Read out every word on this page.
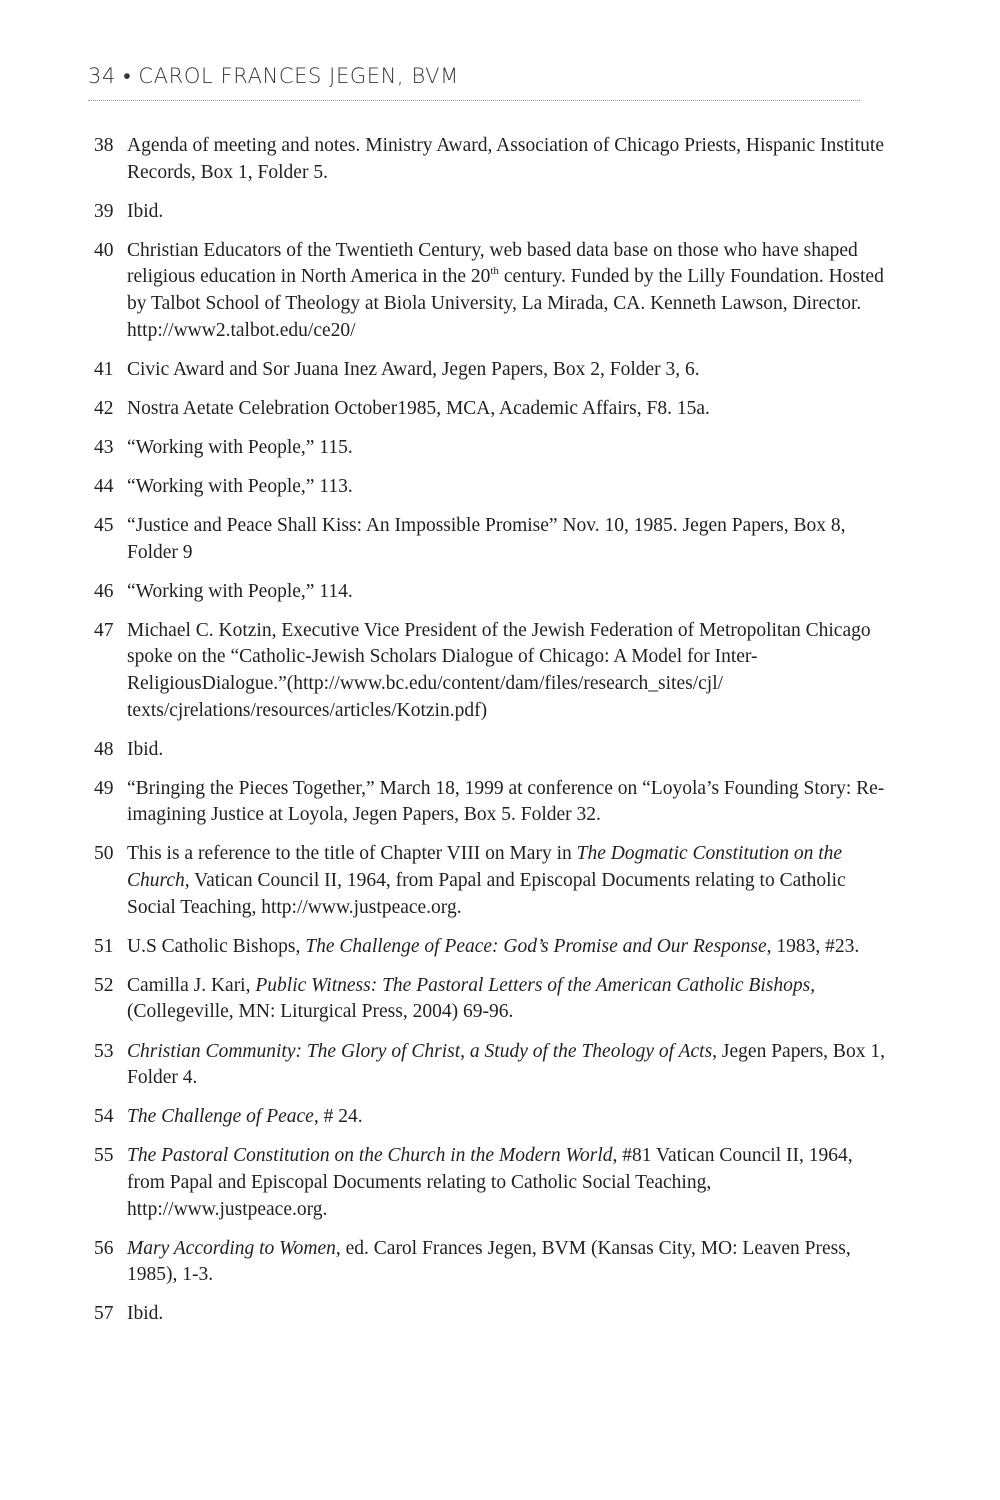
34 • CAROL FRANCES JEGEN, BVM
38 Agenda of meeting and notes. Ministry Award, Association of Chicago Priests, Hispanic Institute Records, Box 1, Folder 5.
39 Ibid.
40 Christian Educators of the Twentieth Century, web based data base on those who have shaped religious education in North America in the 20th century. Funded by the Lilly Foundation. Hosted by Talbot School of Theology at Biola University, La Mirada, CA. Kenneth Lawson, Director. http://www2.talbot.edu/ce20/
41 Civic Award and Sor Juana Inez Award, Jegen Papers, Box 2, Folder 3, 6.
42 Nostra Aetate Celebration October1985, MCA, Academic Affairs, F8. 15a.
43 “Working with People,” 115.
44 “Working with People,” 113.
45 “Justice and Peace Shall Kiss: An Impossible Promise” Nov. 10, 1985. Jegen Papers, Box 8, Folder 9
46 “Working with People,” 114.
47 Michael C. Kotzin, Executive Vice President of the Jewish Federation of Metropolitan Chicago spoke on the “Catholic-Jewish Scholars Dialogue of Chicago: A Model for Inter-ReligiousDialogue.”(http://www.bc.edu/content/dam/files/research_sites/cjl/ texts/cjrelations/resources/articles/Kotzin.pdf)
48 Ibid.
49 “Bringing the Pieces Together,” March 18, 1999 at conference on “Loyola’s Founding Story: Re-imagining Justice at Loyola, Jegen Papers, Box 5. Folder 32.
50 This is a reference to the title of Chapter VIII on Mary in The Dogmatic Constitution on the Church, Vatican Council II, 1964, from Papal and Episcopal Documents relating to Catholic Social Teaching, http://www.justpeace.org.
51 U.S Catholic Bishops, The Challenge of Peace: God’s Promise and Our Response, 1983, #23.
52 Camilla J. Kari, Public Witness: The Pastoral Letters of the American Catholic Bishops, (Collegeville, MN: Liturgical Press, 2004) 69-96.
53 Christian Community: The Glory of Christ, a Study of the Theology of Acts, Jegen Papers, Box 1, Folder 4.
54 The Challenge of Peace, # 24.
55 The Pastoral Constitution on the Church in the Modern World, #81 Vatican Council II, 1964, from Papal and Episcopal Documents relating to Catholic Social Teaching, http://www.justpeace.org.
56 Mary According to Women, ed. Carol Frances Jegen, BVM (Kansas City, MO: Leaven Press, 1985), 1-3.
57 Ibid.
